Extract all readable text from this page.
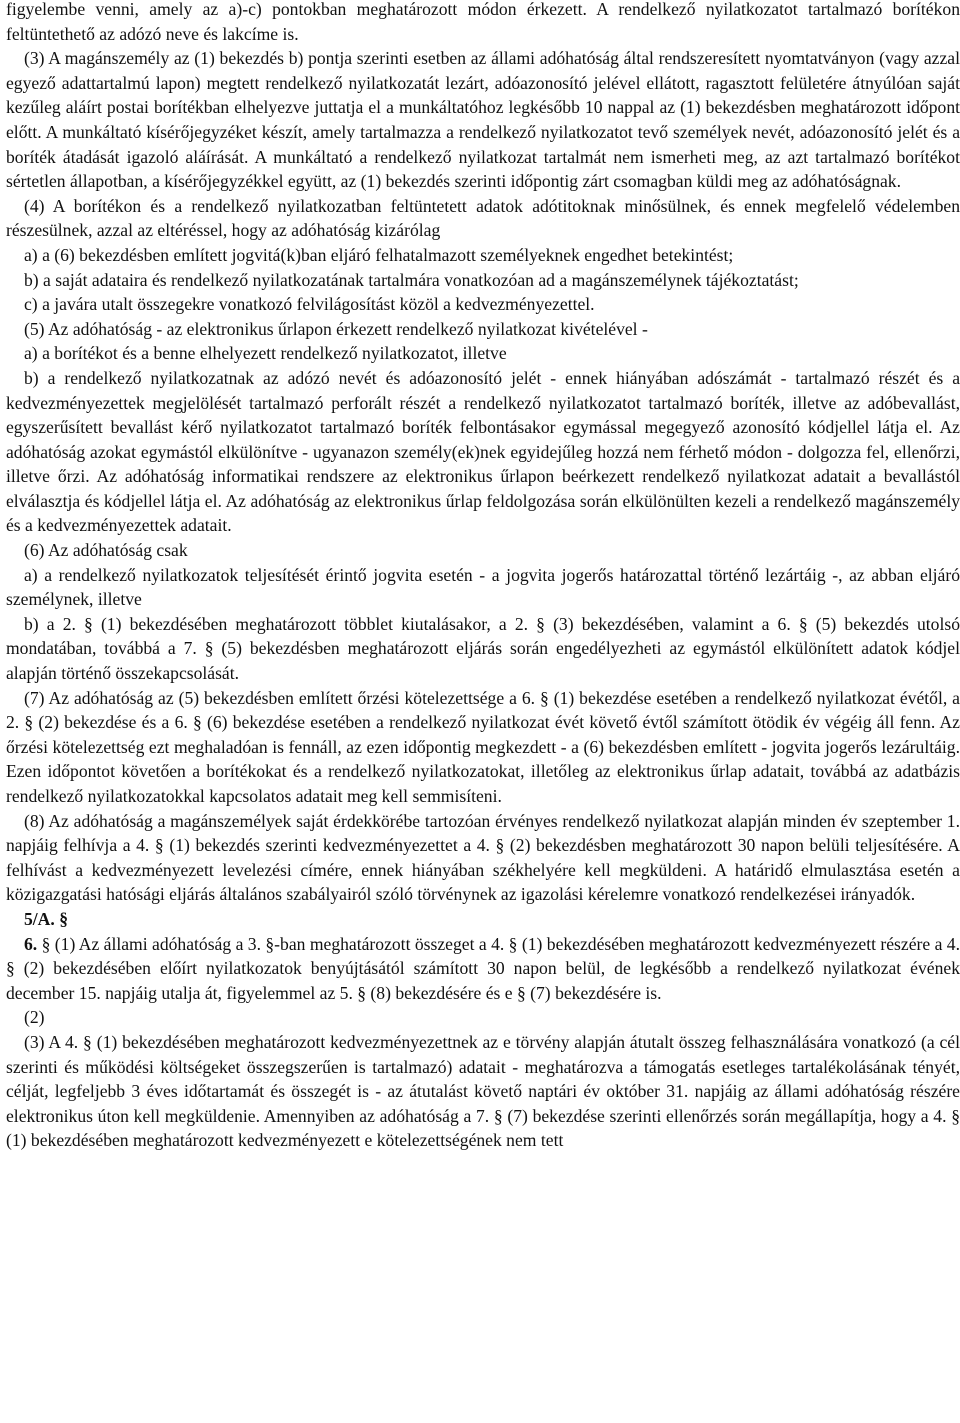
figyelembe venni, amely az a)-c) pontokban meghatározott módon érkezett. A rendelkező nyilatkozatot tartalmazó borítékon feltüntethető az adózó neve és lakcíme is.

(3) A magánszemély az (1) bekezdés b) pontja szerinti esetben az állami adóhatóság által rendszeresített nyomtatványon (vagy azzal egyező adattartalmú lapon) megtett rendelkező nyilatkozatát lezárt, adóazonosító jelével ellátott, ragasztott felületére átnyúlóan saját kezűleg aláírt postai borítékban elhelyezve juttatja el a munkáltatóhoz legkésőbb 10 nappal az (1) bekezdésben meghatározott időpont előtt. A munkáltató kísérőjegyzéket készít, amely tartalmazza a rendelkező nyilatkozatot tevő személyek nevét, adóazonosító jelét és a boríték átadását igazoló aláírását. A munkáltató a rendelkező nyilatkozat tartalmát nem ismerheti meg, az azt tartalmazó borítékot sértetlen állapotban, a kísérőjegyzékkel együtt, az (1) bekezdés szerinti időpontig zárt csomagban küldi meg az adóhatóságnak.

(4) A borítékon és a rendelkező nyilatkozatban feltüntetett adatok adótitoknak minősülnek, és ennek megfelelő védelemben részesülnek, azzal az eltéréssel, hogy az adóhatóság kizárólag

a) a (6) bekezdésben említett jogvitá(k)ban eljáró felhatalmazott személyeknek engedhet betekintést;

b) a saját adataira és rendelkező nyilatkozatának tartalmára vonatkozóan ad a magánszemélynek tájékoztatást;

c) a javára utalt összegekre vonatkozó felvilágosítást közöl a kedvezményezettel.

(5) Az adóhatóság - az elektronikus űrlapon érkezett rendelkező nyilatkozat kivételével -

a) a borítékot és a benne elhelyezett rendelkező nyilatkozatot, illetve

b) a rendelkező nyilatkozatnak az adózó nevét és adóazonosító jelét - ennek hiányában adószámát - tartalmazó részét és a kedvezményezettek megjelölését tartalmazó perforált részét a rendelkező nyilatkozatot tartalmazó boríték, illetve az adóbevallást, egyszerűsített bevallást kérő nyilatkozatot tartalmazó boríték felbontásakor egymással megegyező azonosító kódjellel látja el. Az adóhatóság azokat egymástól elkülönítve - ugyanazon személy(ek)nek egyidejűleg hozzá nem férhető módon - dolgozza fel, ellenőrzi, illetve őrzi. Az adóhatóság informatikai rendszere az elektronikus űrlapon beérkezett rendelkező nyilatkozat adatait a bevallástól elválasztja és kódjellel látja el. Az adóhatóság az elektronikus űrlap feldolgozása során elkülönülten kezeli a rendelkező magánszemély és a kedvezményezettek adatait.

(6) Az adóhatóság csak

a) a rendelkező nyilatkozatok teljesítését érintő jogvita esetén - a jogvita jogerős határozattal történő lezártáig -, az abban eljáró személynek, illetve

b) a 2. § (1) bekezdésében meghatározott többlet kiutalásakor, a 2. § (3) bekezdésében, valamint a 6. § (5) bekezdés utolsó mondatában, továbbá a 7. § (5) bekezdésben meghatározott eljárás során engedélyezheti az egymástól elkülönített adatok kódjel alapján történő összekapcsolását.

(7) Az adóhatóság az (5) bekezdésben említett őrzési kötelezettsége a 6. § (1) bekezdése esetében a rendelkező nyilatkozat évétől, a 2. § (2) bekezdése és a 6. § (6) bekezdése esetében a rendelkező nyilatkozat évét követő évtől számított ötödik év végéig áll fenn. Az őrzési kötelezettség ezt meghaladóan is fennáll, az ezen időpontig megkezdett - a (6) bekezdésben említett - jogvita jogerős lezárultáig. Ezen időpontot követően a borítékokat és a rendelkező nyilatkozatokat, illetőleg az elektronikus űrlap adatait, továbbá az adatbázis rendelkező nyilatkozatokkal kapcsolatos adatait meg kell semmisíteni.

(8) Az adóhatóság a magánszemélyek saját érdekkörébe tartozóan érvényes rendelkező nyilatkozat alapján minden év szeptember 1. napjáig felhívja a 4. § (1) bekezdés szerinti kedvezményezettet a 4. § (2) bekezdésben meghatározott 30 napon belüli teljesítésére. A felhívást a kedvezményezett levelezési címére, ennek hiányában székhelyére kell megküldeni. A határidő elmulasztása esetén a közigazgatási hatósági eljárás általános szabályairól szóló törvénynek az igazolási kérelemre vonatkozó rendelkezései irányadók.

5/A. §

6. § (1) Az állami adóhatóság a 3. §-ban meghatározott összeget a 4. § (1) bekezdésében meghatározott kedvezményezett részére a 4. § (2) bekezdésében előírt nyilatkozatok benyújtásától számított 30 napon belül, de legkésőbb a rendelkező nyilatkozat évének december 15. napjáig utalja át, figyelemmel az 5. § (8) bekezdésére és e § (7) bekezdésére is.

(2)

(3) A 4. § (1) bekezdésében meghatározott kedvezményezettnek az e törvény alapján átutalt összeg felhasználására vonatkozó (a cél szerinti és működési költségeket összegszerűen is tartalmazó) adatait - meghatározva a támogatás esetleges tartalékolásának tényét, célját, legfeljebb 3 éves időtartamát és összegét is - az átutalást követő naptári év október 31. napjáig az állami adóhatóság részére elektronikus úton kell megküldenie. Amennyiben az adóhatóság a 7. § (7) bekezdése szerinti ellenőrzés során megállapítja, hogy a 4. § (1) bekezdésében meghatározott kedvezményezett e kötelezettségének nem tett
